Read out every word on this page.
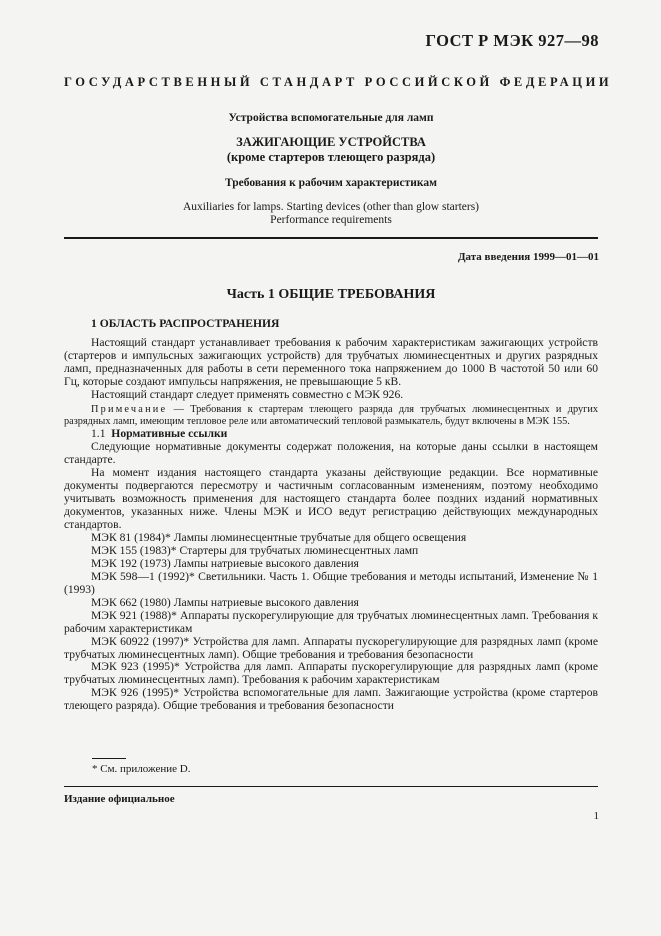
ГОСТ Р МЭК 927—98
ГОСУДАРСТВЕННЫЙ СТАНДАРТ РОССИЙСКОЙ ФЕДЕРАЦИИ
Устройства вспомогательные для ламп
ЗАЖИГАЮЩИЕ УСТРОЙСТВА
(кроме стартеров тлеющего разряда)
Требования к рабочим характеристикам
Auxiliaries for lamps. Starting devices (other than glow starters)
Performance requirements
Дата введения 1999—01—01
Часть 1 ОБЩИЕ ТРЕБОВАНИЯ

1 ОБЛАСТЬ РАСПРОСТРАНЕНИЯ

Настоящий стандарт устанавливает требования к рабочим характеристикам зажигающих устройств (стартеров и импульсных зажигающих устройств) для трубчатых люминесцентных и других разрядных ламп, предназначенных для работы в сети переменного тока напряжением до 1000 В частотой 50 или 60 Гц, которые создают импульсы напряжения, не превышающие 5 кВ.

Настоящий стандарт следует применять совместно с МЭК 926.

Примечание — Требования к стартерам тлеющего разряда для трубчатых люминесцентных и других разрядных ламп, имеющим тепловое реле или автоматический тепловой размыкатель, будут включены в МЭК 155.

1.1 Нормативные ссылки

Следующие нормативные документы содержат положения, на которые даны ссылки в настоящем стандарте.

На момент издания настоящего стандарта указаны действующие редакции. Все нормативные документы подвергаются пересмотру и частичным согласованным изменениям, поэтому необходимо учитывать возможность применения для настоящего стандарта более поздних изданий нормативных документов, указанных ниже. Члены МЭК и ИСО ведут регистрацию действующих международных стандартов.

МЭК 81 (1984)* Лампы люминесцентные трубчатые для общего освещения

МЭК 155 (1983)* Стартеры для трубчатых люминесцентных ламп

МЭК 192 (1973) Лампы натриевые высокого давления

МЭК 598—1 (1992)* Светильники. Часть 1. Общие требования и методы испытаний, Изменение № 1 (1993)

МЭК 662 (1980) Лампы натриевые высокого давления

МЭК 921 (1988)* Аппараты пускорегулирующие для трубчатых люминесцентных ламп. Требования к рабочим характеристикам

МЭК 60922 (1997)* Устройства для ламп. Аппараты пускорегулирующие для разрядных ламп (кроме трубчатых люминесцентных ламп). Общие требования и требования безопасности

МЭК 923 (1995)* Устройства для ламп. Аппараты пускорегулирующие для разрядных ламп (кроме трубчатых люминесцентных ламп). Требования к рабочим характеристикам

МЭК 926 (1995)* Устройства вспомогательные для ламп. Зажигающие устройства (кроме стартеров тлеющего разряда). Общие требования и требования безопасности

* См. приложение D.
Издание официальное
1
